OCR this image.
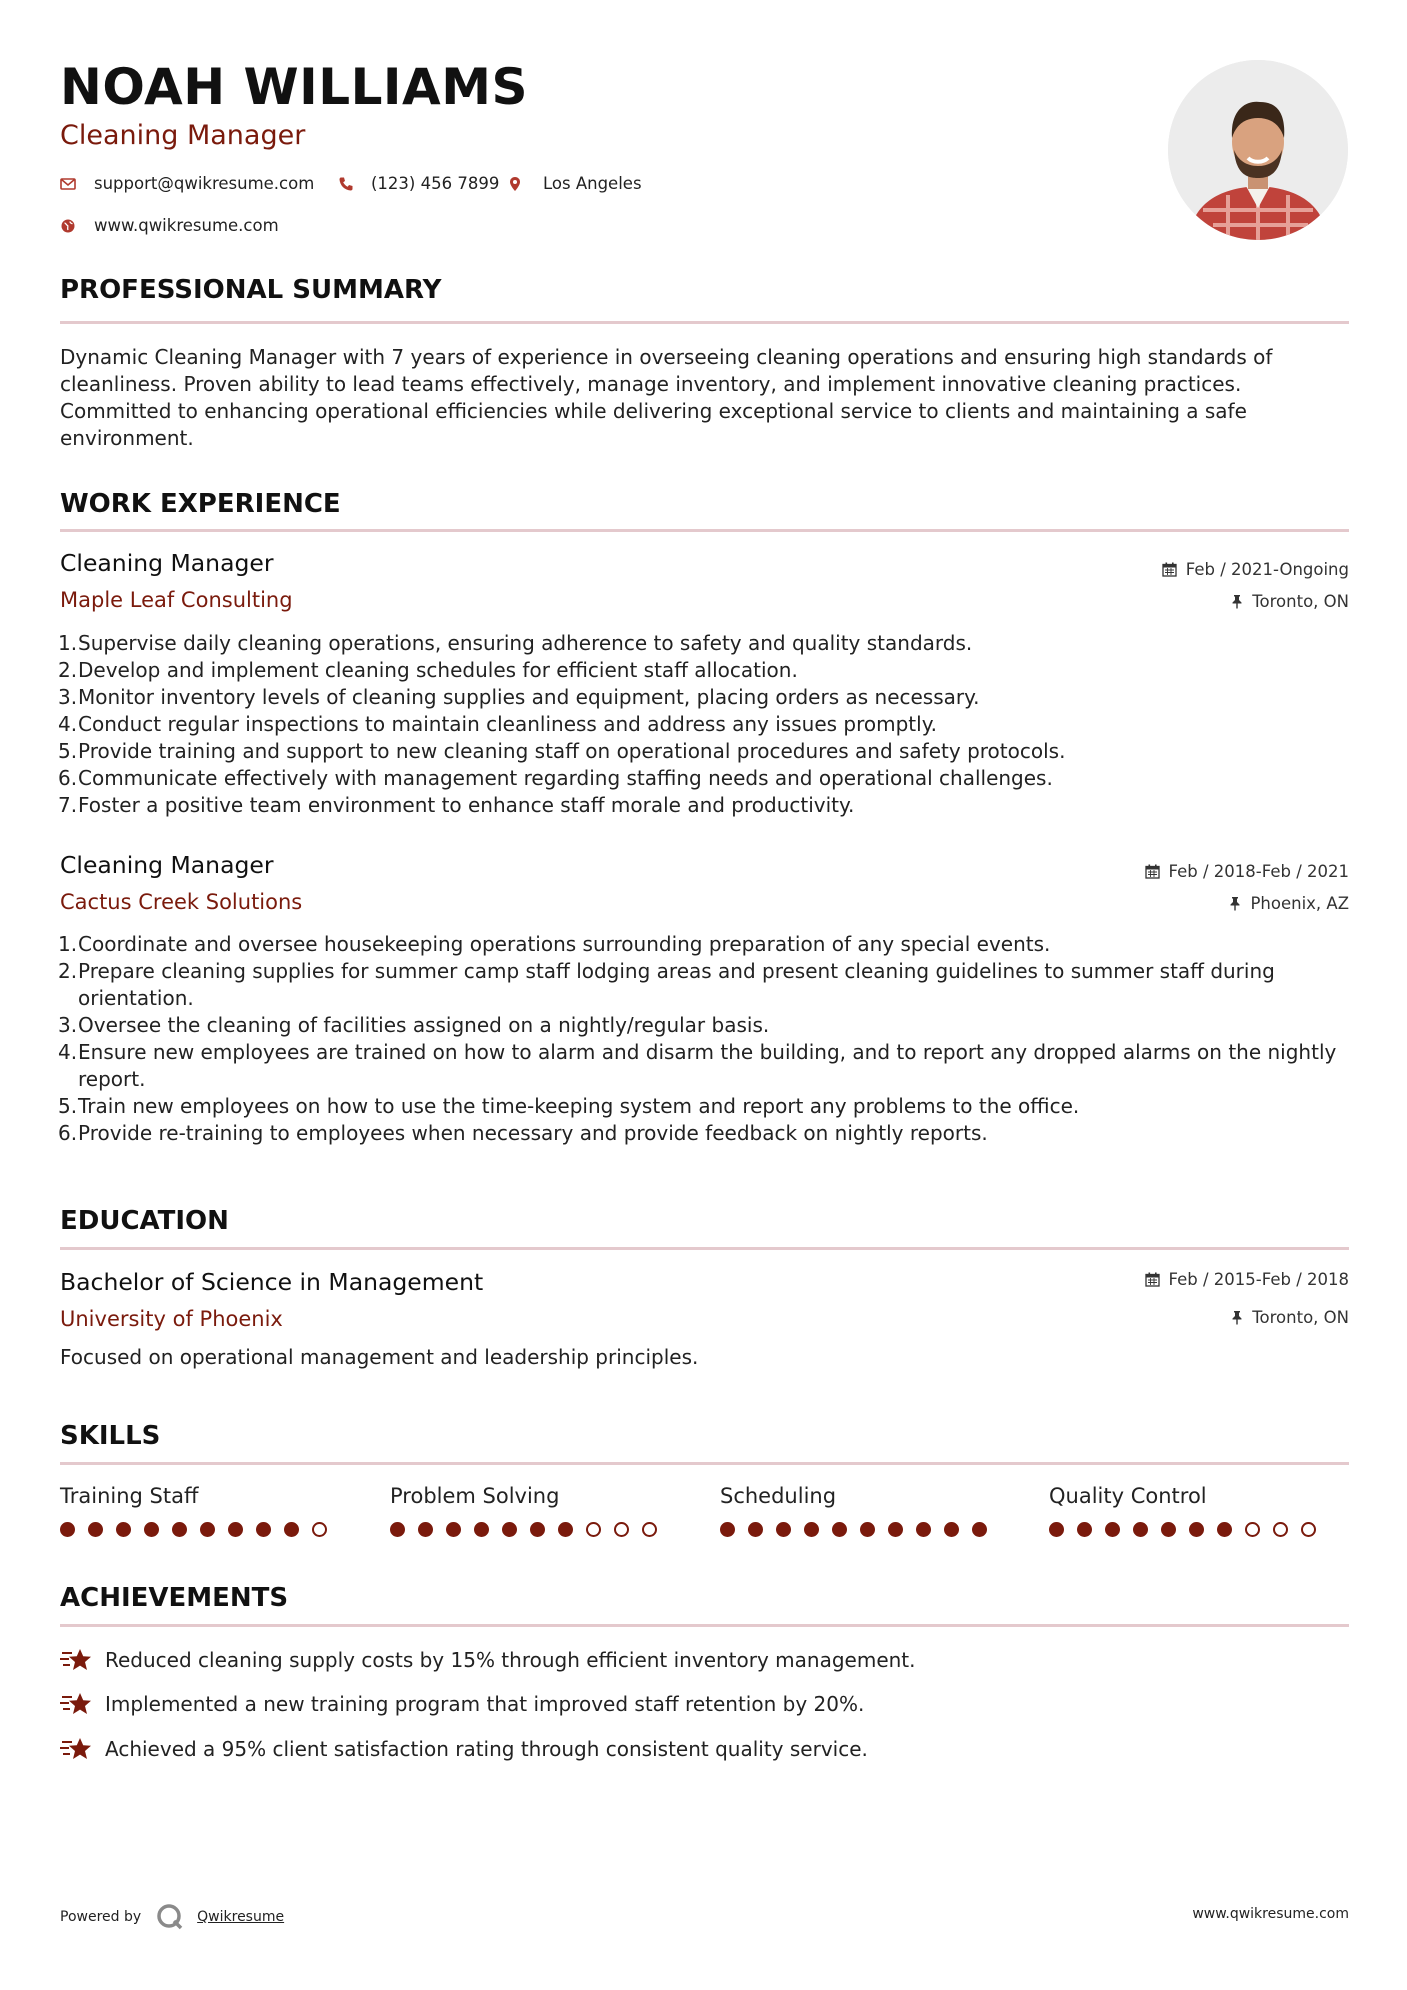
NOAH WILLIAMS
Cleaning Manager
support@qwikresume.com	(123) 456 7899	Los Angeles
www.qwikresume.com
PROFESSIONAL SUMMARY
Dynamic Cleaning Manager with 7 years of experience in overseeing cleaning operations and ensuring high standards of cleanliness. Proven ability to lead teams effectively, manage inventory, and implement innovative cleaning practices. Committed to enhancing operational efficiencies while delivering exceptional service to clients and maintaining a safe environment.
WORK EXPERIENCE
Cleaning Manager
Maple Leaf Consulting
Feb / 2021-Ongoing
Toronto, ON
1. Supervise daily cleaning operations, ensuring adherence to safety and quality standards.
2. Develop and implement cleaning schedules for efficient staff allocation.
3. Monitor inventory levels of cleaning supplies and equipment, placing orders as necessary.
4. Conduct regular inspections to maintain cleanliness and address any issues promptly.
5. Provide training and support to new cleaning staff on operational procedures and safety protocols.
6. Communicate effectively with management regarding staffing needs and operational challenges.
7. Foster a positive team environment to enhance staff morale and productivity.
Cleaning Manager
Cactus Creek Solutions
Feb / 2018-Feb / 2021
Phoenix, AZ
1. Coordinate and oversee housekeeping operations surrounding preparation of any special events.
2. Prepare cleaning supplies for summer camp staff lodging areas and present cleaning guidelines to summer staff during orientation.
3. Oversee the cleaning of facilities assigned on a nightly/regular basis.
4. Ensure new employees are trained on how to alarm and disarm the building, and to report any dropped alarms on the nightly report.
5. Train new employees on how to use the time-keeping system and report any problems to the office.
6. Provide re-training to employees when necessary and provide feedback on nightly reports.
EDUCATION
Bachelor of Science in Management
University of Phoenix
Feb / 2015-Feb / 2018
Toronto, ON
Focused on operational management and leadership principles.
SKILLS
Training Staff	Problem Solving	Scheduling	Quality Control
ACHIEVEMENTS
Reduced cleaning supply costs by 15% through efficient inventory management.
Implemented a new training program that improved staff retention by 20%.
Achieved a 95% client satisfaction rating through consistent quality service.
Powered by	Qwikresume	www.qwikresume.com
